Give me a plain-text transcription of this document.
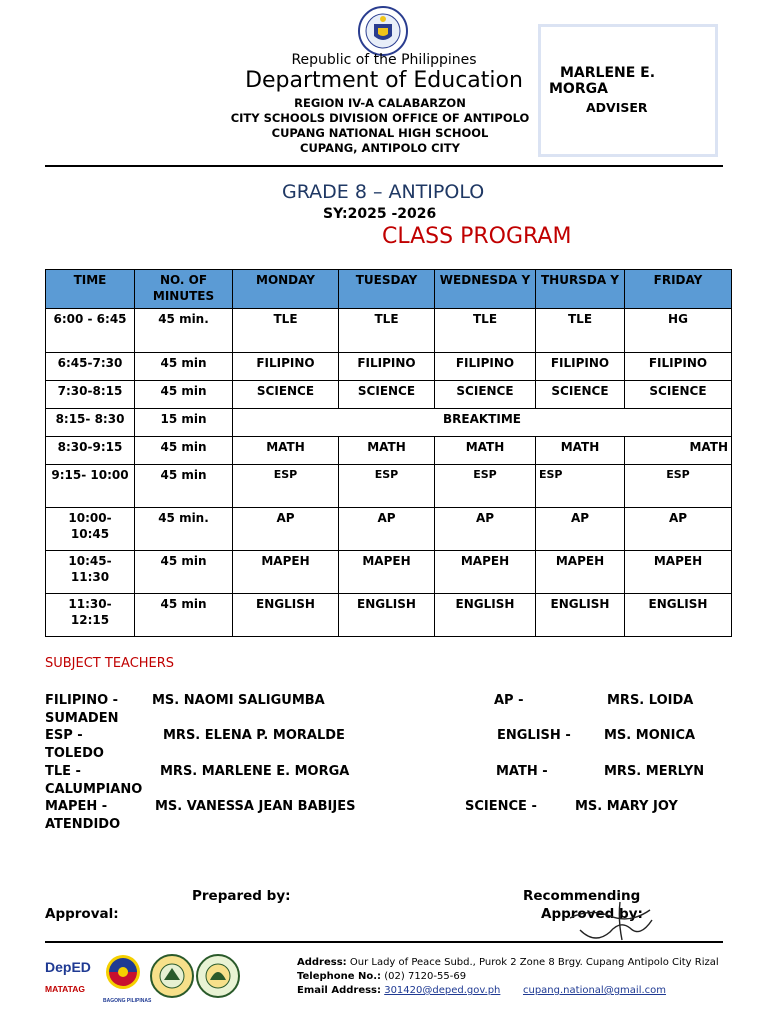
Republic of the Philippines
Department of Education
REGION IV-A CALABARZON
CITY SCHOOLS DIVISION OFFICE OF ANTIPOLO
CUPANG NATIONAL HIGH SCHOOL
CUPANG, ANTIPOLO CITY
MARLENE E.
MORGA
ADVISER
GRADE 8 – ANTIPOLO
SY:2025 -2026
CLASS PROGRAM
TIME	NO. OF MINUTES	MONDAY	TUESDAY	WEDNESDA Y	THURSDA Y	FRIDAY
6:00 - 6:45	45 min.	TLE	TLE	TLE	TLE	HG
6:45-7:30	45 min	FILIPINO	FILIPINO	FILIPINO	FILIPINO	FILIPINO
7:30-8:15	45 min	SCIENCE	SCIENCE	SCIENCE	SCIENCE	SCIENCE
8:15- 8:30	15 min	BREAKTIME				
8:30-9:15	45 min	MATH	MATH	MATH	MATH	MATH
9:15- 10:00	45 min	ESP	ESP	ESP	ESP	ESP
10:00- 10:45	45 min.	AP	AP	AP	AP	AP
10:45- 11:30	45 min	MAPEH	MAPEH	MAPEH	MAPEH	MAPEH
11:30- 12:15	45 min	ENGLISH	ENGLISH	ENGLISH	ENGLISH	ENGLISH
SUBJECT TEACHERS
FILIPINO -	MS. NAOMI SALIGUMBA
SUMADEN
ESP -	MRS. ELENA P. MORALDE
TOLEDO
TLE -	MRS. MARLENE E. MORGA
CALUMPIANO
MAPEH -	MS. VANESSA JEAN BABIJES
ATENDIDO
AP -	MRS. LOIDA
ENGLISH -	MS. MONICA
MATH -	MRS. MERLYN
SCIENCE -	MS. MARY JOY
Prepared by:
Approval:
Recommending
Approved by:
DepED
MATATAG
BAGONG PILIPINAS
Address: Our Lady of Peace Subd., Purok 2 Zone 8 Brgy. Cupang Antipolo City Rizal
Telephone No.: (02) 7120-55-69
Email Address: 301420@deped.gov.ph cupang.national@gmail.com
